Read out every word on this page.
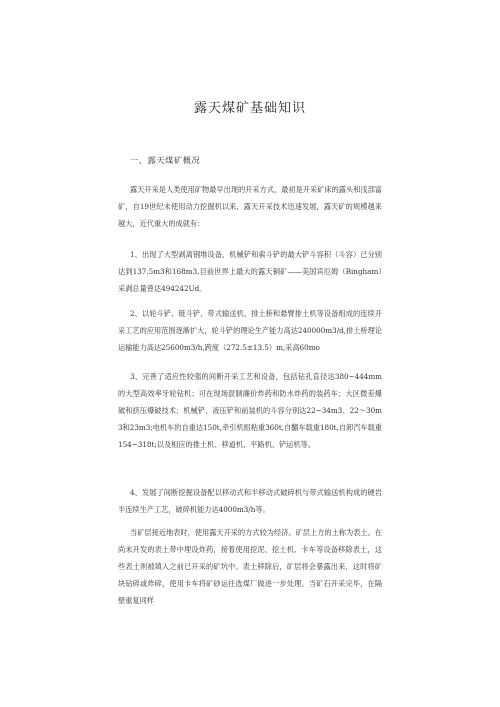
露天煤矿基础知识
一、露天煤矿概况

露天开采是人类使用矿物最早出现的开采方式，最初是开采矿床的露头和浅部富矿，自19世纪末使用动力挖掘机以来，露天开采技术迅速发展，露天矿的规模越来越大，近代重大的成就有：

1、出现了大型剥离钢堆设备，机械铲和索斗铲的最大铲斗容积（斗容）已分别达到137.5m3和168m3,目前世界上最大的露天铜矿——美国宾厄姆（Bingham）采剥总量曾达494242Ud。

2、以轮斗铲、链斗铲、带式输送机、排土桥和悬臂排土机等设备组成的连续开采工艺的应用范围逐渐扩大，轮斗铲的理论生产能力高达240000m3/d,排土桥理论运输能力高达25600m3/h,跨度（272.5±13.5）m,采高60mo

3、完善了适应性较强的间断开采工艺和设备，包括钻孔直径达380~444mm的大型高效率牙轮钻机；可在现场混制廉价炸药和防水炸药的装药车；大区微差爆破和挤压爆破技术；机械铲、液压铲和前装机的斗容分别达22~34m3、22～30m3和23m3;电机车的自重达150t,牵引机组粘重360t,自翻车载重180t,自卸汽车载重154~318t;以及相应的推土机、移道机、平路机、铲运机等。

4、发展了间断挖掘设备配以移动式和半移动式破碎机与带式输送机构成的硬岩半连续生产工艺，破碎机能力达4000m3/h等。

当矿层接近地表时，使用露天开采的方式较为经济。矿层上方的土称为表土。在尚未开发的表土带中埋设炸药，接着使用挖泥、挖土机、卡车等设备移除表土，这些表土则被填入之前已开采的矿坑中。表土移除后，矿层将会暴露出来，这时将矿块钻碎或炸碎，使用卡车将矿砂运往选煤厂做进一步处理。当矿石开采完毕，在隔壁重复同样
